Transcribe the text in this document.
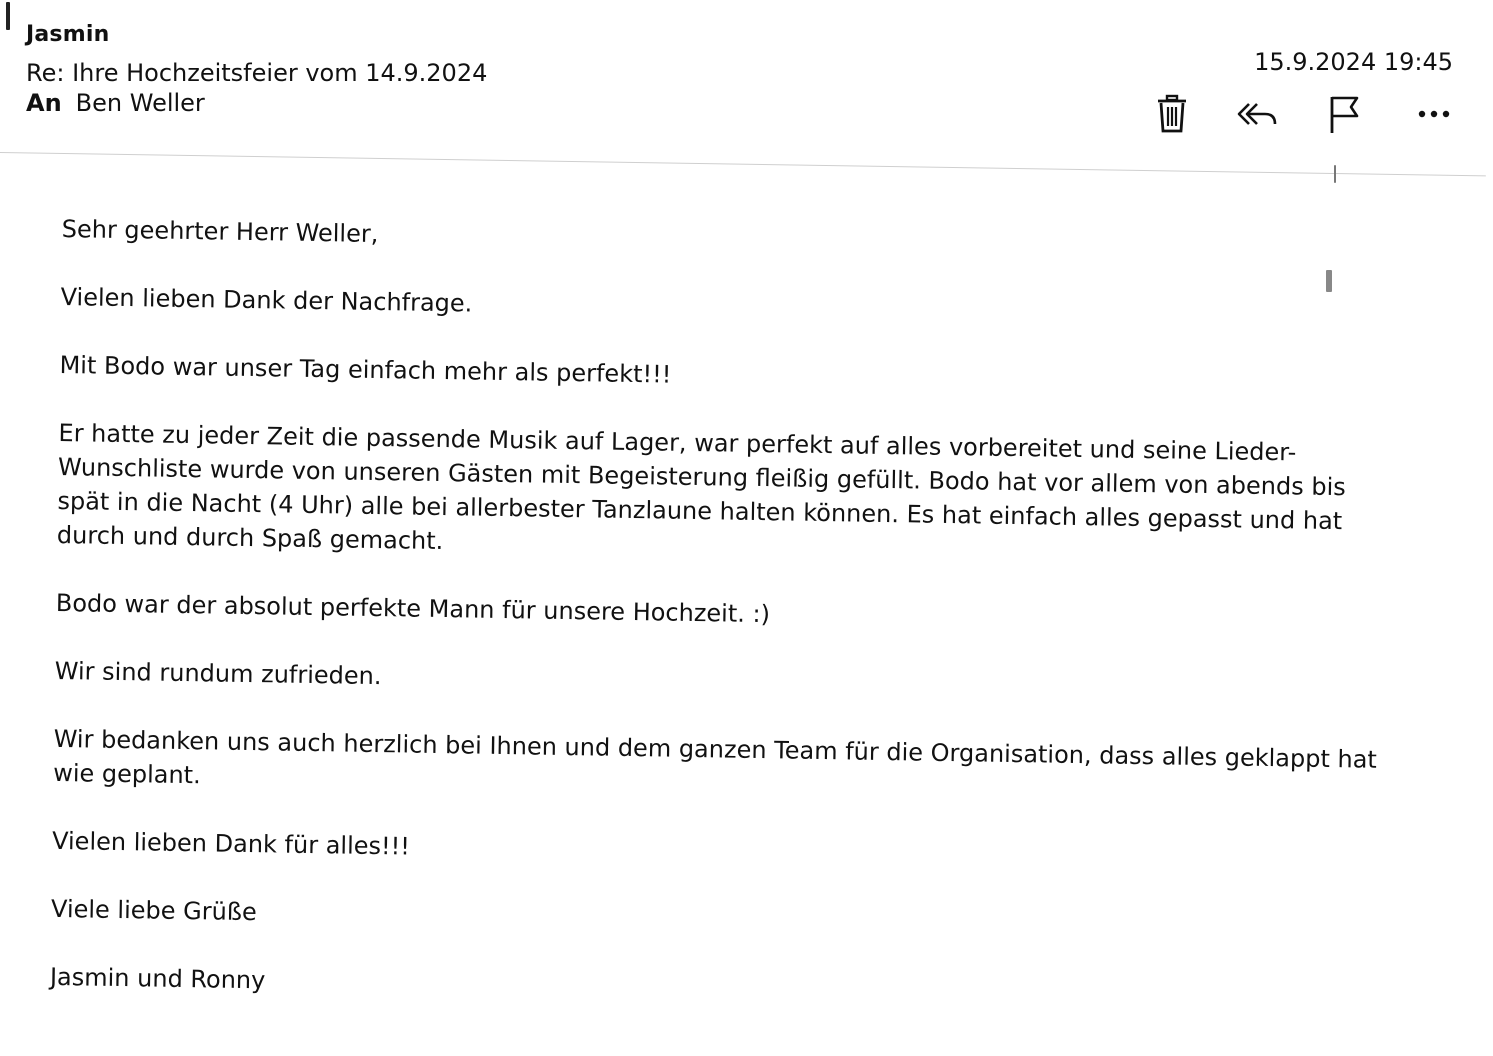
Jasmin
Re: Ihre Hochzeitsfeier vom 14.9.2024
An Ben Weller
15.9.2024 19:45

Sehr geehrter Herr Weller,

Vielen lieben Dank der Nachfrage.

Mit Bodo war unser Tag einfach mehr als perfekt!!!

Er hatte zu jeder Zeit die passende Musik auf Lager, war perfekt auf alles vorbereitet und seine Lieder-Wunschliste wurde von unseren Gästen mit Begeisterung fleißig gefüllt. Bodo hat vor allem von abends bis spät in die Nacht (4 Uhr) alle bei allerbester Tanzlaune halten können. Es hat einfach alles gepasst und hat durch und durch Spaß gemacht.

Bodo war der absolut perfekte Mann für unsere Hochzeit. :)

Wir sind rundum zufrieden.

Wir bedanken uns auch herzlich bei Ihnen und dem ganzen Team für die Organisation, dass alles geklappt hat wie geplant.

Vielen lieben Dank für alles!!!

Viele liebe Grüße

Jasmin und Ronny
